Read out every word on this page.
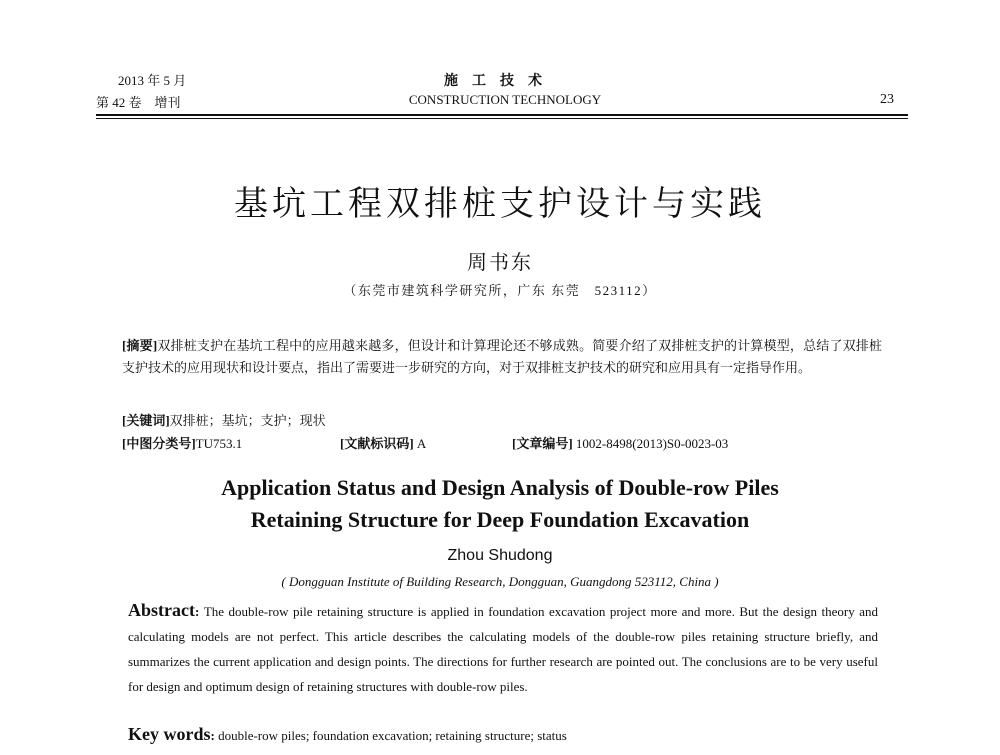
2013 年 5 月
第 42 卷　增刊
施工技术
CONSTRUCTION TECHNOLOGY	23
基坑工程双排桩支护设计与实践
周书东
（东莞市建筑科学研究所，广东 东莞　523112）
[摘要]双排桩支护在基坑工程中的应用越来越多，但设计和计算理论还不够成熟。简要介绍了双排桩支护的计算模型，总结了双排桩支护技术的应用现状和设计要点，指出了需要进一步研究的方向，对于双排桩支护技术的研究和应用具有一定指导作用。
[关键词]双排桩；基坑；支护；现状
[中图分类号]TU753.1	[文献标识码] A	[文章编号] 1002-8498(2013)S0-0023-03
Application Status and Design Analysis of Double-row Piles
Retaining Structure for Deep Foundation Excavation
Zhou Shudong
( Dongguan Institute of Building Research, Dongguan, Guangdong 523112, China )
Abstract: The double-row pile retaining structure is applied in foundation excavation project more and more. But the design theory and calculating models are not perfect. This article describes the calculating models of the double-row piles retaining structure briefly, and summarizes the current application and design points. The directions for further research are pointed out. The conclusions are to be very useful for design and optimum design of retaining structures with double-row piles.
Key words: double-row piles; foundation excavation; retaining structure; status
